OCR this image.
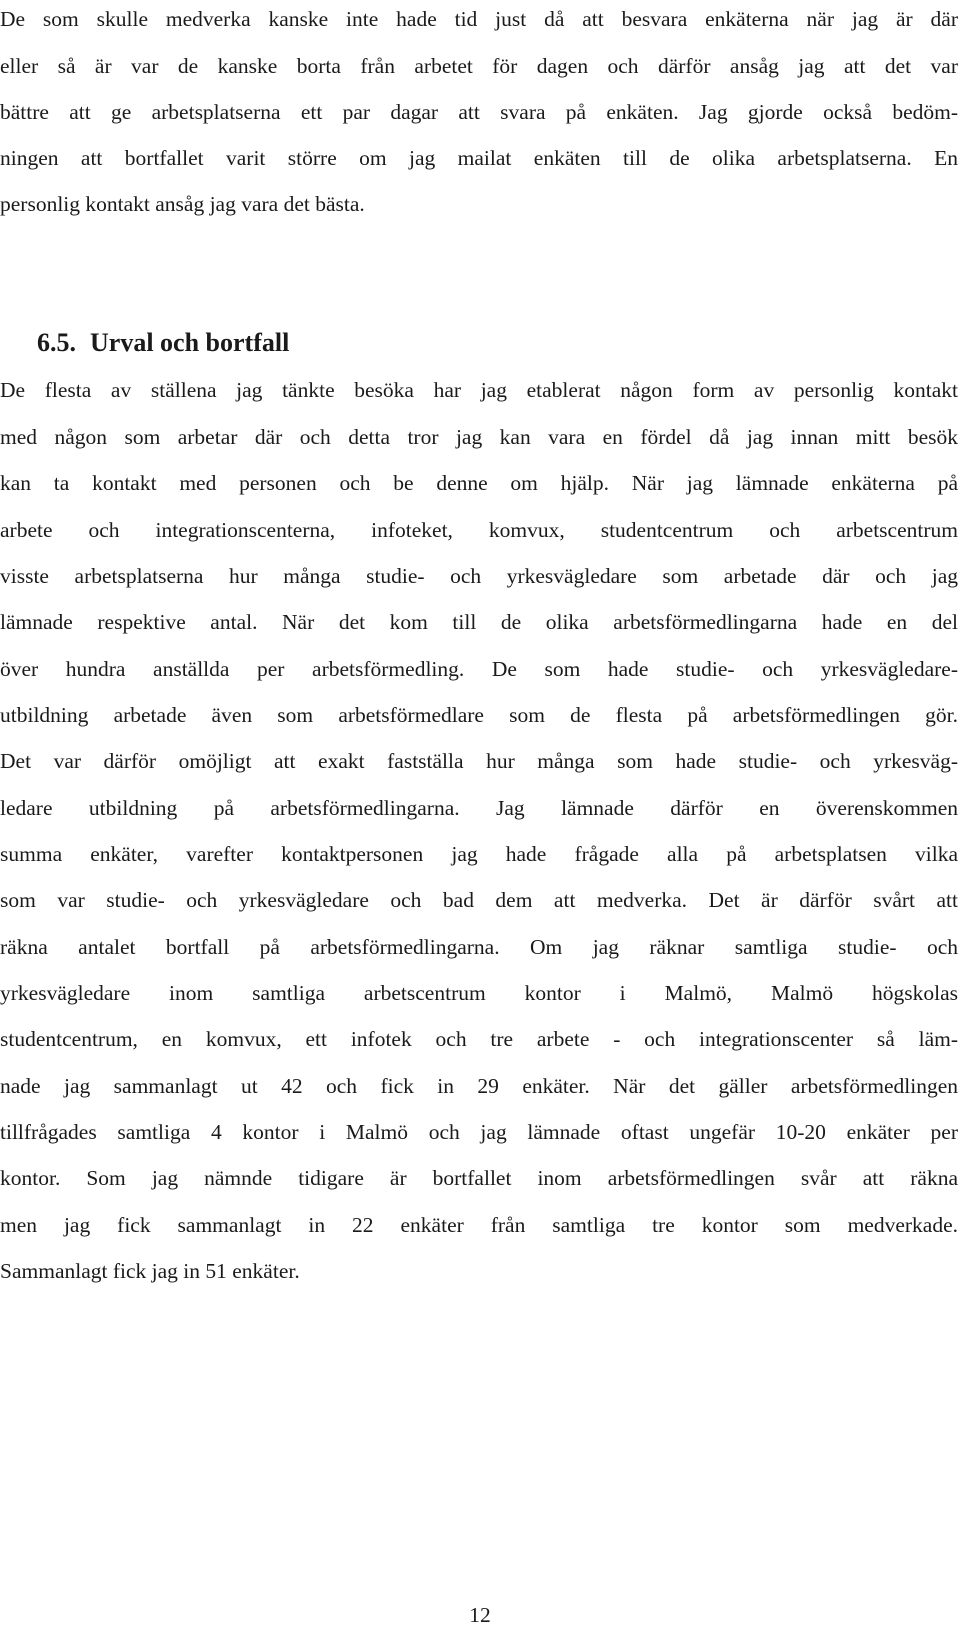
De som skulle medverka kanske inte hade tid just då att besvara enkäterna när jag är där

eller så är var de kanske borta från arbetet för dagen och därför ansåg jag att det var

bättre att ge arbetsplatserna ett par dagar att svara på enkäten. Jag gjorde också bedöm-

ningen att bortfallet varit större om jag mailat enkäten till de olika arbetsplatserna. En

personlig kontakt ansåg jag vara det bästa.

6.5. Urval och bortfall

De flesta av ställena jag tänkte besöka har jag etablerat någon form av personlig kontakt

med någon som arbetar där och detta tror jag kan vara en fördel då jag innan mitt besök

kan ta kontakt med personen och be denne om hjälp. När jag lämnade enkäterna på

arbete och integrationscenterna, infoteket, komvux, studentcentrum och arbetscentrum

visste arbetsplatserna hur många studie- och yrkesvägledare som arbetade där och jag

lämnade respektive antal. När det kom till de olika arbetsförmedlingarna hade en del

över hundra anställda per arbetsförmedling. De som hade studie- och yrkesvägledare-

utbildning arbetade även som arbetsförmedlare som de flesta på arbetsförmedlingen gör.

Det var därför omöjligt att exakt fastställa hur många som hade studie- och yrkesväg-

ledare utbildning på arbetsförmedlingarna. Jag lämnade därför en överenskommen

summa enkäter, varefter kontaktpersonen jag hade frågade alla på arbetsplatsen vilka

som var studie- och yrkesvägledare och bad dem att medverka. Det är därför svårt att

räkna antalet bortfall på arbetsförmedlingarna. Om jag räknar samtliga studie- och

yrkesvägledare inom samtliga arbetscentrum kontor i Malmö, Malmö högskolas

studentcentrum, en komvux, ett infotek och tre arbete - och integrationscenter så läm-

nade jag sammanlagt ut 42 och fick in 29 enkäter. När det gäller arbetsförmedlingen

tillfrågades samtliga 4 kontor i Malmö och jag lämnade oftast ungefär 10-20 enkäter per

kontor. Som jag nämnde tidigare är bortfallet inom arbetsförmedlingen svår att räkna

men jag fick sammanlagt in 22 enkäter från samtliga tre kontor som medverkade.

Sammanlagt fick jag in 51 enkäter.

12
